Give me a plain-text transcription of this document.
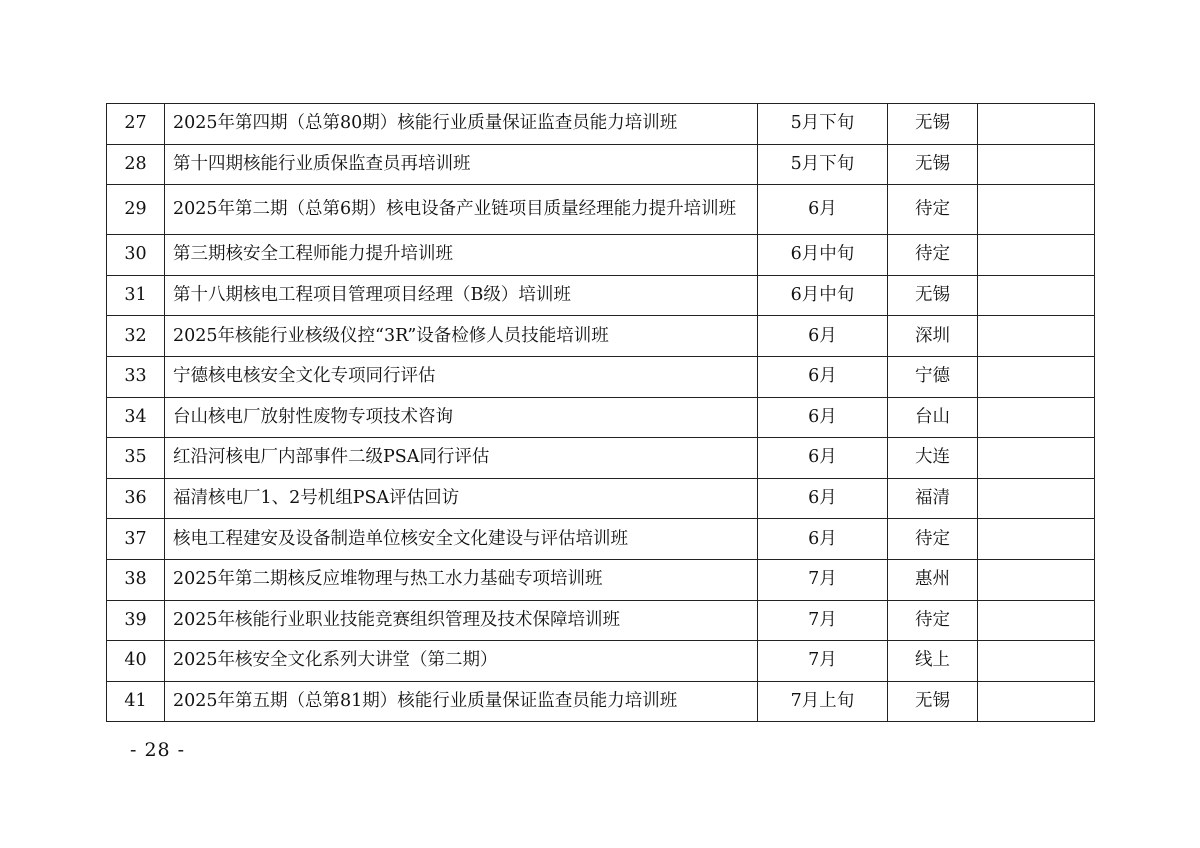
27	2025年第四期（总第80期）核能行业质量保证监查员能力培训班	5月下旬	无锡	
28	第十四期核能行业质保监查员再培训班	5月下旬	无锡	
29	2025年第二期（总第6期）核电设备产业链项目质量经理能力提升培训班	6月	待定	
30	第三期核安全工程师能力提升培训班	6月中旬	待定	
31	第十八期核电工程项目管理项目经理（B级）培训班	6月中旬	无锡	
32	2025年核能行业核级仪控“3R”设备检修人员技能培训班	6月	深圳	
33	宁德核电核安全文化专项同行评估	6月	宁德	
34	台山核电厂放射性废物专项技术咨询	6月	台山	
35	红沿河核电厂内部事件二级PSA同行评估	6月	大连	
36	福清核电厂1、2号机组PSA评估回访	6月	福清	
37	核电工程建安及设备制造单位核安全文化建设与评估培训班	6月	待定	
38	2025年第二期核反应堆物理与热工水力基础专项培训班	7月	惠州	
39	2025年核能行业职业技能竞赛组织管理及技术保障培训班	7月	待定	
40	2025年核安全文化系列大讲堂（第二期）	7月	线上	
41	2025年第五期（总第81期）核能行业质量保证监查员能力培训班	7月上旬	无锡	
- 28 -
